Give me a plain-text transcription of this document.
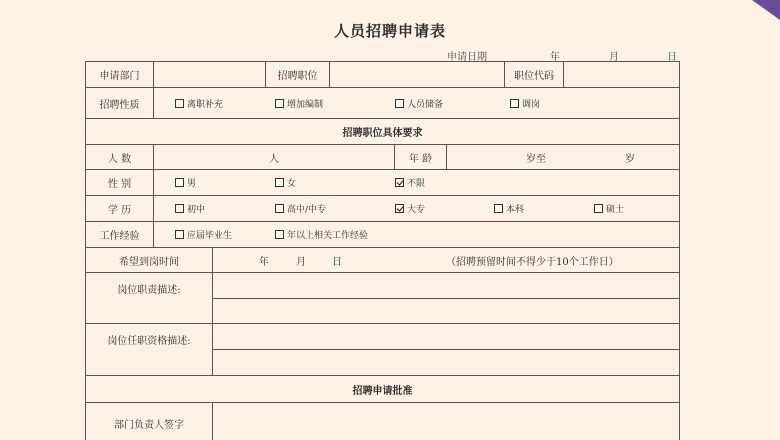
人员招聘申请表
申请日期	年	月	日
申请部门	招聘职位	职位代码
招聘性质	离职补充	增加编制	人员储备	调岗
招聘职位具体要求
人 数	人	年 龄	岁至	岁
性 别	男	女	不限
学 历	初中	高中/中专	大专	本科	硕士
工作经验	应届毕业生	年以上相关工作经验
希望到岗时间	年	月	日	（招聘预留时间不得少于10个工作日）
岗位职责描述:
岗位任职资格描述:
招聘申请批准
部门负责人签字
